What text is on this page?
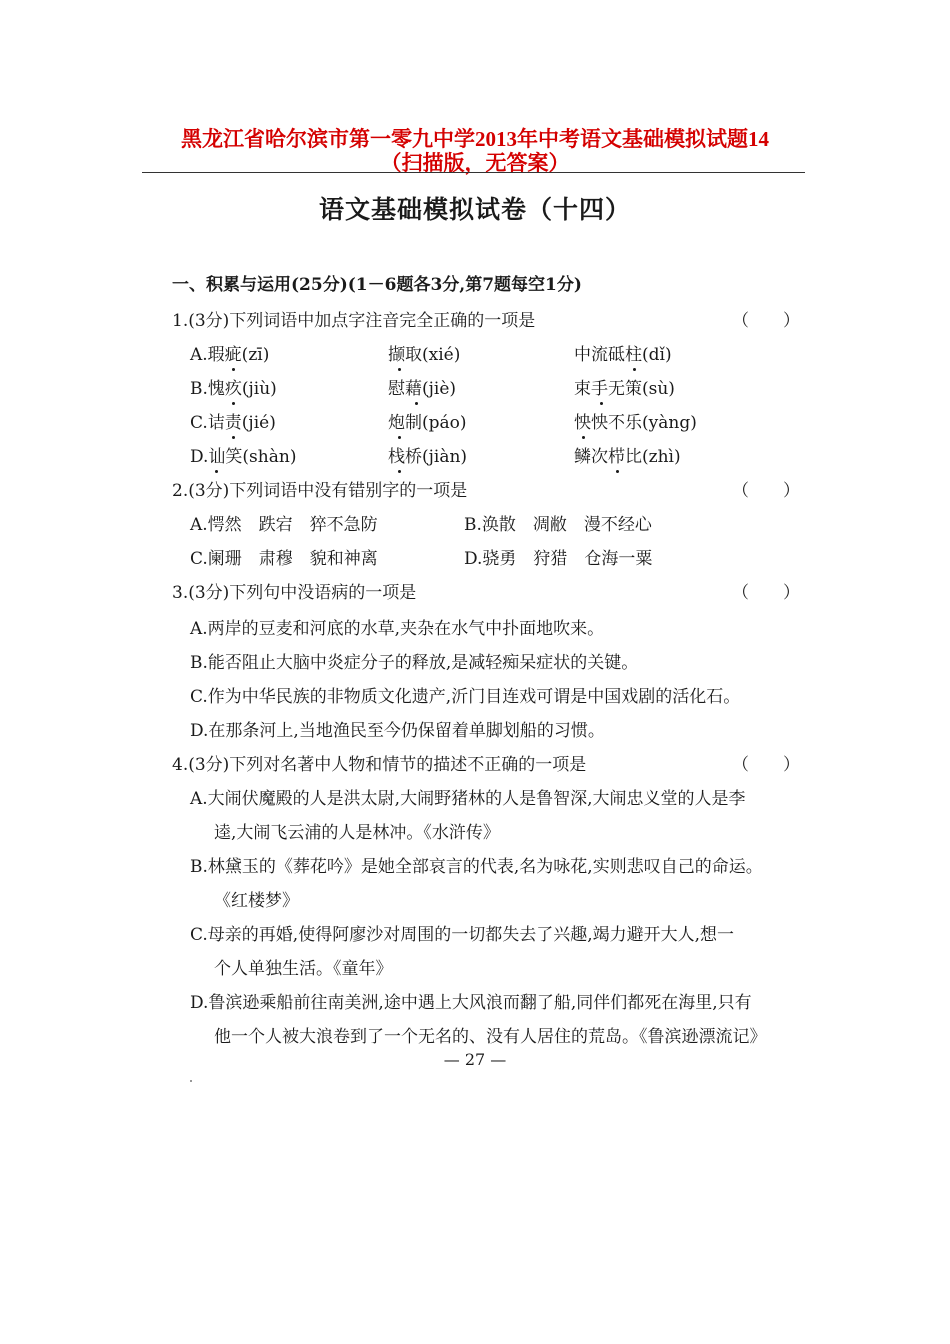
黑龙江省哈尔滨市第一零九中学2013年中考语文基础模拟试题14
（扫描版，无答案）
语文基础模拟试卷（十四）
一、积累与运用(25分)(1－6题各3分,第7题每空1分)
1.(3分)下列词语中加点字注音完全正确的一项是	（　　）
A.瑕疵(zī)	撷取(xié)	中流砥柱(dǐ)
B.愧疚(jiù)	慰藉(jiè)	束手无策(sù)
C.诘责(jié)	炮制(páo)	怏怏不乐(yàng)
D.讪笑(shàn)	栈桥(jiàn)	鳞次栉比(zhì)
2.(3分)下列词语中没有错别字的一项是	（　　）
A.愕然　跌宕　猝不急防	B.涣散　凋敝　漫不经心
C.阑珊　肃穆　貌和神离	D.骁勇　狩猎　仓海一粟
3.(3分)下列句中没语病的一项是	（　　）
A.两岸的豆麦和河底的水草,夹杂在水气中扑面地吹来。
B.能否阻止大脑中炎症分子的释放,是减轻痴呆症状的关键。
C.作为中华民族的非物质文化遗产,沂门目连戏可谓是中国戏剧的活化石。
D.在那条河上,当地渔民至今仍保留着单脚划船的习惯。
4.(3分)下列对名著中人物和情节的描述不正确的一项是	（　　）
A.大闹伏魔殿的人是洪太尉,大闹野猪林的人是鲁智深,大闹忠义堂的人是李
逵,大闹飞云浦的人是林冲。《水浒传》
B.林黛玉的《葬花吟》是她全部哀言的代表,名为咏花,实则悲叹自己的命运。
《红楼梦》
C.母亲的再婚,使得阿廖沙对周围的一切都失去了兴趣,竭力避开大人,想一
个人单独生活。《童年》
D.鲁滨逊乘船前往南美洲,途中遇上大风浪而翻了船,同伴们都死在海里,只有
他一个人被大浪卷到了一个无名的、没有人居住的荒岛。《鲁滨逊漂流记》
— 27 —
